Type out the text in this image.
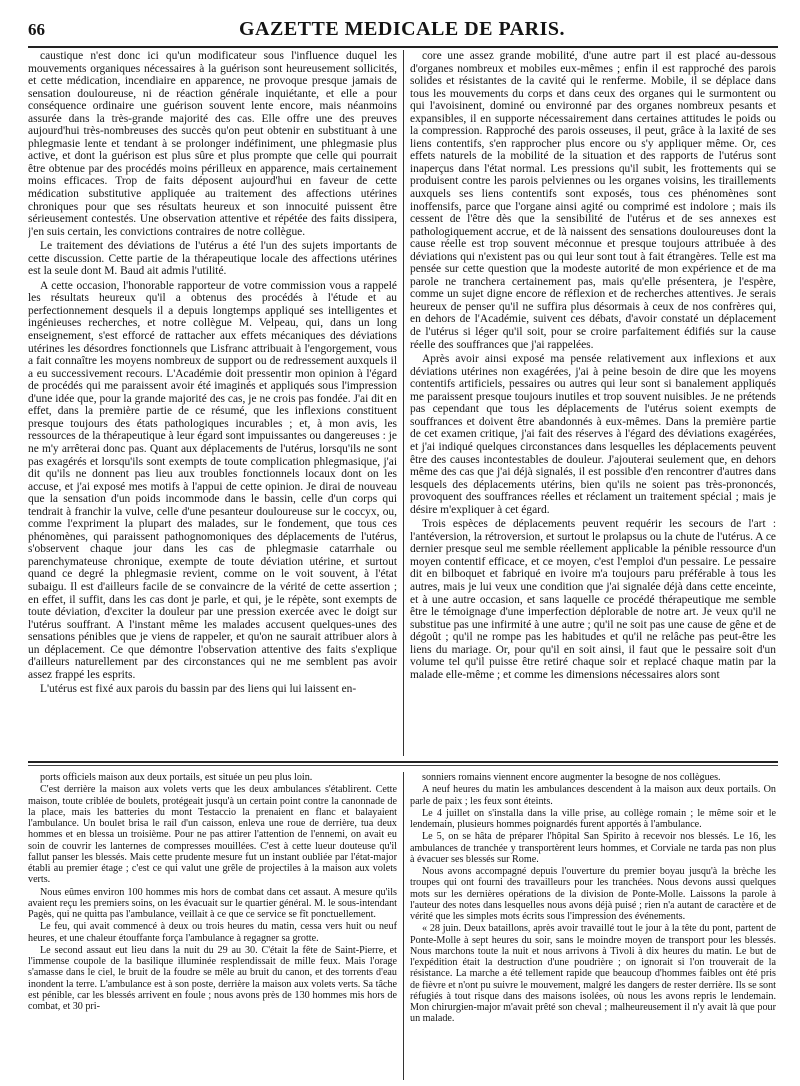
66	GAZETTE MEDICALE DE PARIS.

caustique n'est donc ici qu'un modificateur sous l'influence duquel les mouvements organiques nécessaires à la guérison sont heureusement sollicités, et cette médication, incendiaire en apparence, ne provoque presque jamais de sensation douloureuse, ni de réaction générale inquiétante, et elle a pour conséquence ordinaire une guérison souvent lente encore, mais néanmoins assurée dans la très-grande majorité des cas. Elle offre une des preuves aujourd'hui très-nombreuses des succès qu'on peut obtenir en substituant à une phlegmasie lente et tendant à se prolonger indéfiniment, une phlegmasie plus active, et dont la guérison est plus sûre et plus prompte que celle qui pourrait être obtenue par des procédés moins périlleux en apparence, mais certainement moins efficaces. Trop de faits déposent aujourd'hui en faveur de cette médication substitutive appliquée au traitement des affections utérines chroniques pour que ses résultats heureux et son innocuité puissent être sérieusement contestés. Une observation attentive et répétée des faits dissipera, j'en suis certain, les convictions contraires de notre collègue.

Le traitement des déviations de l'utérus a été l'un des sujets importants de cette discussion. Cette partie de la thérapeutique locale des affections utérines est la seule dont M. Baud ait admis l'utilité.

A cette occasion, l'honorable rapporteur de votre commission vous a rappelé les résultats heureux qu'il a obtenus des procédés à l'étude et au perfectionnement desquels il a depuis longtemps appliqué ses intelligentes et ingénieuses recherches, et notre collègue M. Velpeau, qui, dans un long enseignement, s'est efforcé de rattacher aux effets mécaniques des déviations utérines les désordres fonctionnels que Lisfranc attribuait à l'engorgement, vous a fait connaître les moyens nombreux de support ou de redressement auxquels il a eu successivement recours. L'Académie doit pressentir mon opinion à l'égard de procédés qui me paraissent avoir été imaginés et appliqués sous l'impression d'une idée que, pour la grande majorité des cas, je ne crois pas fondée. J'ai dit en effet, dans la première partie de ce résumé, que les inflexions constituent presque toujours des états pathologiques incurables ; et, à mon avis, les ressources de la thérapeutique à leur égard sont impuissantes ou dangereuses : je ne m'y arrêterai donc pas. Quant aux déplacements de l'utérus, lorsqu'ils ne sont pas exagérés et lorsqu'ils sont exempts de toute complication phlegmasique, j'ai dit qu'ils ne donnent pas lieu aux troubles fonctionnels locaux dont on les accuse, et j'ai exposé mes motifs à l'appui de cette opinion. Je dirai de nouveau que la sensation d'un poids incommode dans le bassin, celle d'un corps qui tendrait à franchir la vulve, celle d'une pesanteur douloureuse sur le coccyx, ou, comme l'expriment la plupart des malades, sur le fondement, que tous ces phénomènes, qui paraissent pathognomoniques des déplacements de l'utérus, s'observent chaque jour dans les cas de phlegmasie catarrhale ou parenchymateuse chronique, exempte de toute déviation utérine, et surtout quand ce degré la phlegmasie revient, comme on le voit souvent, à l'état subaigu. Il est d'ailleurs facile de se convaincre de la vérité de cette assertion ; en effet, il suffit, dans les cas dont je parle, et qui, je le répète, sont exempts de toute déviation, d'exciter la douleur par une pression exercée avec le doigt sur l'utérus souffrant. A l'instant même les malades accusent quelques-unes des sensations pénibles que je viens de rappeler, et qu'on ne saurait attribuer alors à un déplacement. Ce que démontre l'observation attentive des faits s'explique d'ailleurs naturellement par des circonstances qui ne me semblent pas avoir assez frappé les esprits.

L'utérus est fixé aux parois du bassin par des liens qui lui laissent en-

core une assez grande mobilité, d'une autre part il est placé au-dessous d'organes nombreux et mobiles eux-mêmes ; enfin il est rapproché des parois solides et résistantes de la cavité qui le renferme. Mobile, il se déplace dans tous les mouvements du corps et dans ceux des organes qui le surmontent ou qui l'avoisinent, dominé ou environné par des organes nombreux pesants et expansibles, il en supporte nécessairement dans certaines attitudes le poids ou la compression. Rapproché des parois osseuses, il peut, grâce à la laxité de ses liens contentifs, s'en rapprocher plus encore ou s'y appliquer même. Or, ces effets naturels de la mobilité de la situation et des rapports de l'utérus sont inaperçus dans l'état normal. Les pressions qu'il subit, les frottements qui se produisent contre les parois pelviennes ou les organes voisins, les tiraillements auxquels ses liens contentifs sont exposés, tous ces phénomènes sont inoffensifs, parce que l'organe ainsi agité ou comprimé est indolore ; mais ils cessent de l'être dès que la sensibilité de l'utérus et de ses annexes est pathologiquement accrue, et de là naissent des sensations douloureuses dont la cause réelle est trop souvent méconnue et presque toujours attribuée à des déviations qui n'existent pas ou qui leur sont tout à fait étrangères. Telle est ma pensée sur cette question que la modeste autorité de mon expérience et de ma parole ne tranchera certainement pas, mais qu'elle présentera, je l'espère, comme un sujet digne encore de réflexion et de recherches attentives. Je serais heureux de penser qu'il ne suffira plus désormais à ceux de nos confrères qui, en dehors de l'Académie, suivent ces débats, d'avoir constaté un déplacement de l'utérus si léger qu'il soit, pour se croire parfaitement édifiés sur la cause réelle des souffrances que j'ai rappelées.

Après avoir ainsi exposé ma pensée relativement aux inflexions et aux déviations utérines non exagérées, j'ai à peine besoin de dire que les moyens contentifs artificiels, pessaires ou autres qui leur sont si banalement appliqués me paraissent presque toujours inutiles et trop souvent nuisibles. Je ne prétends pas cependant que tous les déplacements de l'utérus soient exempts de souffrances et doivent être abandonnés à eux-mêmes. Dans la première partie de cet examen critique, j'ai fait des réserves à l'égard des déviations exagérées, et j'ai indiqué quelques circonstances dans lesquelles les déplacements peuvent être des causes incontestables de douleur. J'ajouterai seulement que, en dehors même des cas que j'ai déjà signalés, il est possible d'en rencontrer d'autres dans lesquels des déplacements utérins, bien qu'ils ne soient pas très-prononcés, provoquent des souffrances réelles et réclament un traitement spécial ; mais je désire m'expliquer à cet égard.

Trois espèces de déplacements peuvent requérir les secours de l'art : l'antéversion, la rétroversion, et surtout le prolapsus ou la chute de l'utérus. A ce dernier presque seul me semble réellement applicable la pénible ressource d'un moyen contentif efficace, et ce moyen, c'est l'emploi d'un pessaire. Le pessaire dit en bilboquet et fabriqué en ivoire m'a toujours paru préférable à tous les autres, mais je lui veux une condition que j'ai signalée déjà dans cette enceinte, et à une autre occasion, et sans laquelle ce procédé thérapeutique me semble être le témoignage d'une imperfection déplorable de notre art. Je veux qu'il ne substitue pas une infirmité à une autre ; qu'il ne soit pas une cause de gêne et de dégoût ; qu'il ne rompe pas les habitudes et qu'il ne relâche pas peut-être les liens du mariage. Or, pour qu'il en soit ainsi, il faut que le pessaire soit d'un volume tel qu'il puisse être retiré chaque soir et replacé chaque matin par la malade elle-même ; et comme les dimensions nécessaires alors sont

ports officiels maison aux deux portails, est située un peu plus loin.

C'est derrière la maison aux volets verts que les deux ambulances s'établirent. Cette maison, toute criblée de boulets, protégeait jusqu'à un certain point contre la canonnade de la place, mais les batteries du mont Testaccio la prenaient en flanc et balayaient l'ambulance. Un boulet brisa le rail d'un caisson, enleva une roue de derrière, tua deux hommes et en blessa un troisième. Pour ne pas attirer l'attention de l'ennemi, on avait eu soin de couvrir les lanternes de compresses mouillées. C'est à cette lueur douteuse qu'il fallut panser les blessés. Mais cette prudente mesure fut un instant oubliée par l'état-major établi au premier étage ; c'est ce qui valut une grêle de projectiles à la maison aux volets verts.

Nous eûmes environ 100 hommes mis hors de combat dans cet assaut. A mesure qu'ils avaient reçu les premiers soins, on les évacuait sur le quartier général. M. le sous-intendant Pagès, qui ne quitta pas l'ambulance, veillait à ce que ce service se fît ponctuellement.

Le feu, qui avait commencé à deux ou trois heures du matin, cessa vers huit ou neuf heures, et une chaleur étouffante força l'ambulance à regagner sa grotte.

Le second assaut eut lieu dans la nuit du 29 au 30. C'était la fête de Saint-Pierre, et l'immense coupole de la basilique illuminée resplendissait de mille feux. Mais l'orage s'amasse dans le ciel, le bruit de la foudre se mêle au bruit du canon, et des torrents d'eau inondent la terre. L'ambulance est à son poste, derrière la maison aux volets verts. Sa tâche est pénible, car les blessés arrivent en foule ; nous avons près de 130 hommes mis hors de combat, et 30 pri-

sonniers romains viennent encore augmenter la besogne de nos collègues.

A neuf heures du matin les ambulances descendent à la maison aux deux portails. On parle de paix ; les feux sont éteints.

Le 4 juillet on s'installa dans la ville prise, au collège romain ; le même soir et le lendemain, plusieurs hommes poignardés furent apportés à l'ambulance.

Le 5, on se hâta de préparer l'hôpital San Spirito à recevoir nos blessés. Le 16, les ambulances de tranchée y transportèrent leurs hommes, et Corviale ne tarda pas non plus à évacuer ses blessés sur Rome.

Nous avons accompagné depuis l'ouverture du premier boyau jusqu'à la brèche les troupes qui ont fourni des travailleurs pour les tranchées. Nous devons aussi quelques mots sur les dernières opérations de la division de Ponte-Molle. Laissons la parole à l'auteur des notes dans lesquelles nous avons déjà puisé ; rien n'a autant de caractère et de vérité que les simples mots écrits sous l'impression des événements.

« 28 juin. Deux bataillons, après avoir travaillé tout le jour à la tête du pont, partent de Ponte-Molle à sept heures du soir, sans le moindre moyen de transport pour les blessés. Nous marchons toute la nuit et nous arrivons à Tivoli à dix heures du matin. Le but de l'expédition était la destruction d'une poudrière ; on ignorait si l'on trouverait de la résistance. La marche a été tellement rapide que beaucoup d'hommes faibles ont été pris de fièvre et n'ont pu suivre le mouvement, malgré les dangers de rester derrière. Ils se sont réfugiés à tout risque dans des maisons isolées, où nous les avons repris le lendemain. Mon chirurgien-major m'avait prêté son cheval ; malheureusement il n'y avait là que pour un malade.
